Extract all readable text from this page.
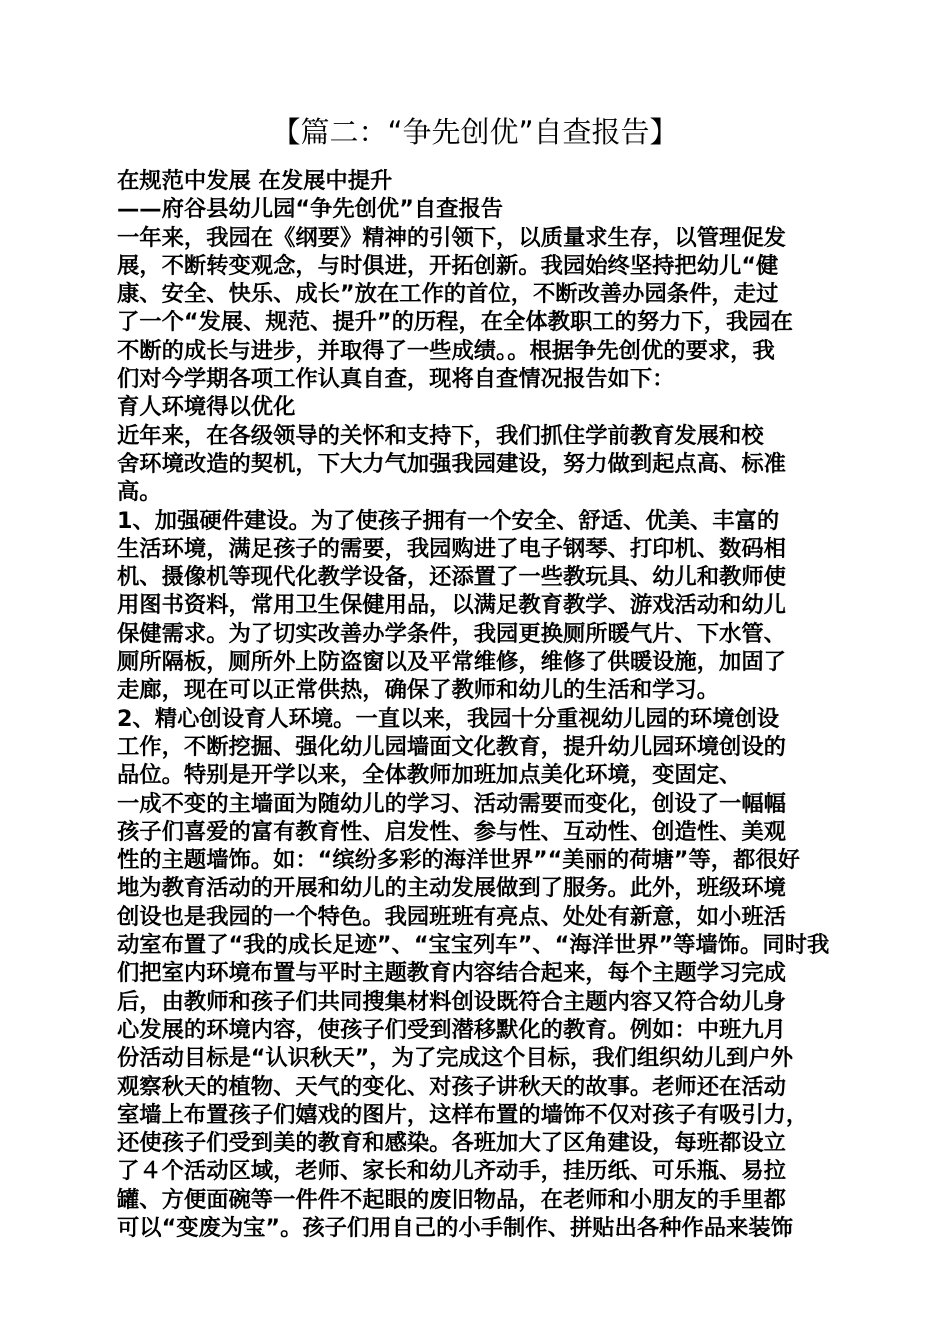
【篇二：“争先创优”自查报告】
在规范中发展 在发展中提升
——府谷县幼儿园“争先创优”自查报告
一年来，我园在《纲要》精神的引领下，以质量求生存，以管理促发
展，不断转变观念，与时俱进，开拓创新。我园始终坚持把幼儿“健
康、安全、快乐、成长”放在工作的首位，不断改善办园条件，走过
了一个“发展、规范、提升”的历程，在全体教职工的努力下，我园在
不断的成长与进步，并取得了一些成绩。。根据争先创优的要求，我
们对今学期各项工作认真自查，现将自查情况报告如下：
育人环境得以优化
近年来，在各级领导的关怀和支持下，我们抓住学前教育发展和校
舍环境改造的契机，下大力气加强我园建设，努力做到起点高、标准
高。
1、加强硬件建设。为了使孩子拥有一个安全、舒适、优美、丰富的
生活环境，满足孩子的需要，我园购进了电子钢琴、打印机、数码相
机、摄像机等现代化教学设备，还添置了一些教玩具、幼儿和教师使
用图书资料，常用卫生保健用品，以满足教育教学、游戏活动和幼儿
保健需求。为了切实改善办学条件，我园更换厕所暖气片、下水管、
厕所隔板，厕所外上防盗窗以及平常维修，维修了供暖设施，加固了
走廊，现在可以正常供热，确保了教师和幼儿的生活和学习。
2、精心创设育人环境。一直以来，我园十分重视幼儿园的环境创设
工作，不断挖掘、强化幼儿园墙面文化教育，提升幼儿园环境创设的
品位。特别是开学以来，全体教师加班加点美化环境，变固定、
一成不变的主墙面为随幼儿的学习、活动需要而变化，创设了一幅幅
孩子们喜爱的富有教育性、启发性、参与性、互动性、创造性、美观
性的主题墙饰。如：“缤纷多彩的海洋世界”“美丽的荷塘”等，都很好
地为教育活动的开展和幼儿的主动发展做到了服务。此外，班级环境
创设也是我园的一个特色。我园班班有亮点、处处有新意，如小班活
动室布置了“我的成长足迹”、“宝宝列车”、“海洋世界”等墙饰。同时我
们把室内环境布置与平时主题教育内容结合起来，每个主题学习完成
后，由教师和孩子们共同搜集材料创设既符合主题内容又符合幼儿身
心发展的环境内容，使孩子们受到潜移默化的教育。例如：中班九月
份活动目标是“认识秋天”，为了完成这个目标，我们组织幼儿到户外
观察秋天的植物、天气的变化、对孩子讲秋天的故事。老师还在活动
室墙上布置孩子们嬉戏的图片，这样布置的墙饰不仅对孩子有吸引力，
还使孩子们受到美的教育和感染。各班加大了区角建设，每班都设立
了４个活动区域，老师、家长和幼儿齐动手，挂历纸、可乐瓶、易拉
罐、方便面碗等一件件不起眼的废旧物品，在老师和小朋友的手里都
可以“变废为宝”。孩子们用自己的小手制作、拼贴出各种作品来装饰
